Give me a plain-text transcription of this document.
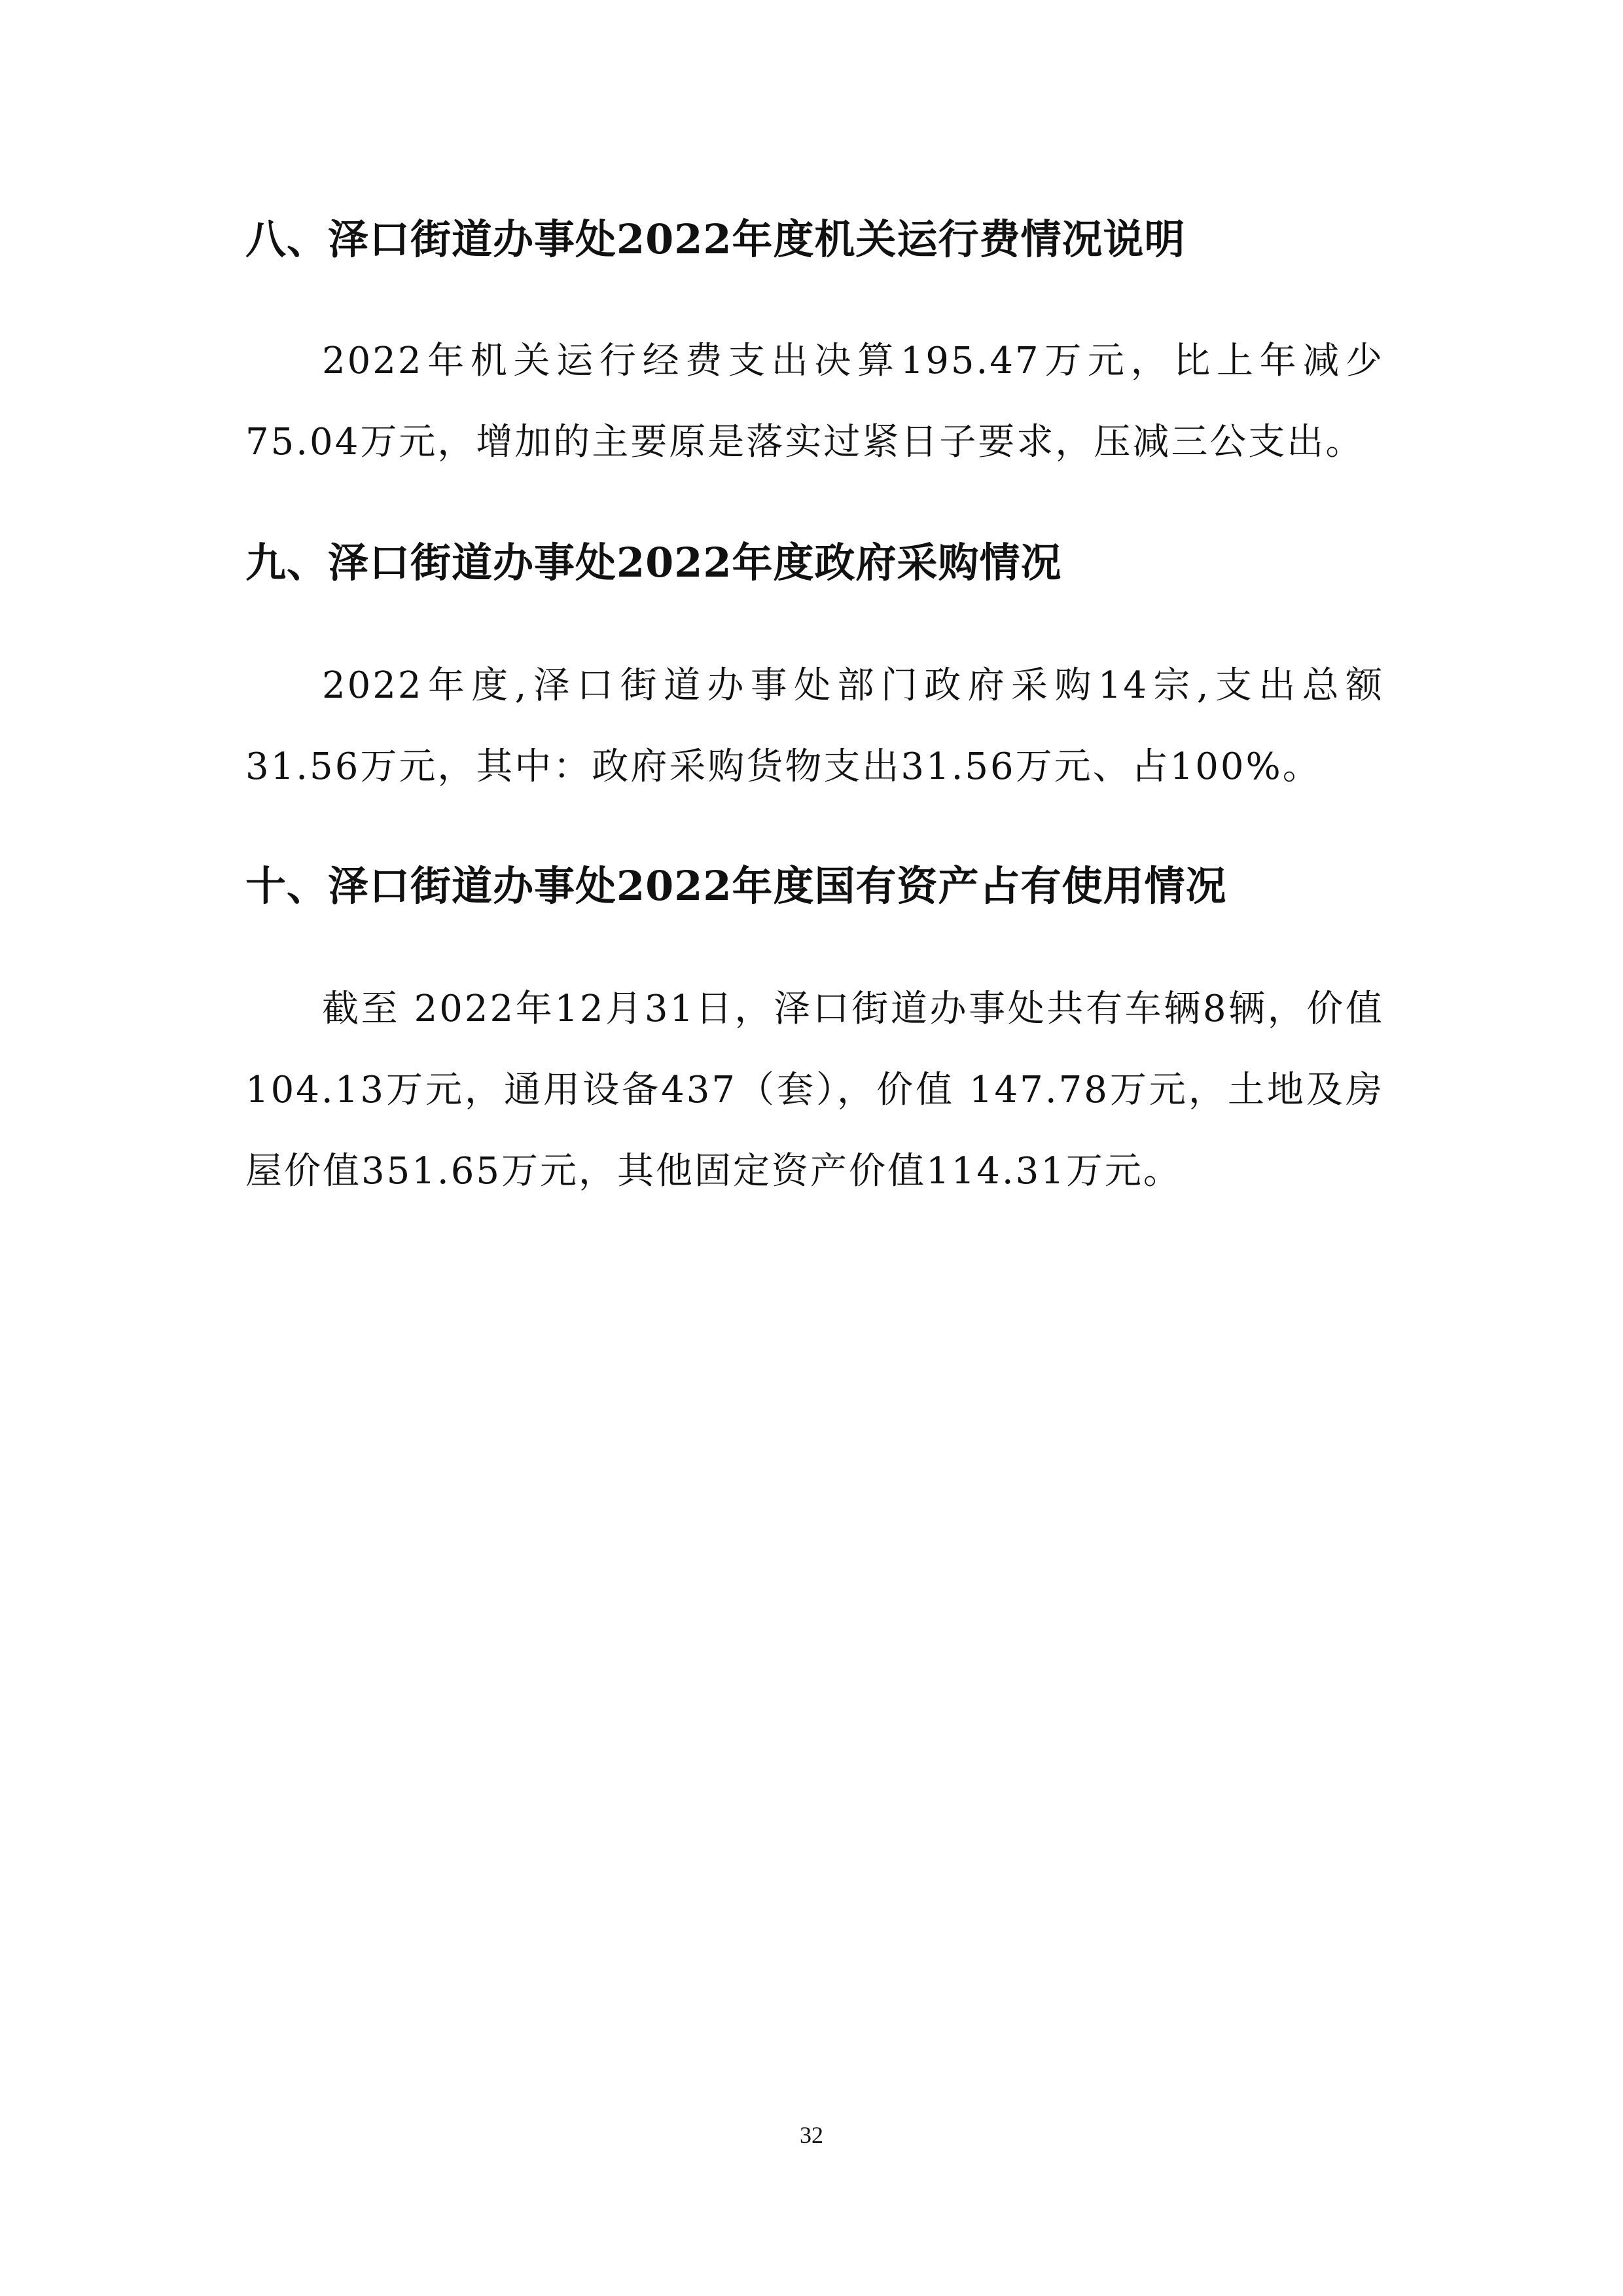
八、泽口街道办事处2022年度机关运行费情况说明

2022年机关运行经费支出决算195.47万元，比上年减少75.04万元，增加的主要原是落实过紧日子要求，压减三公支出。

九、泽口街道办事处2022年度政府采购情况

2022年度,泽口街道办事处部门政府采购14宗,支出总额31.56万元，其中：政府采购货物支出31.56万元、占100%。

十、泽口街道办事处2022年度国有资产占有使用情况

截至 2022年12月31日，泽口街道办事处共有车辆8辆，价值104.13万元，通用设备437（套），价值 147.78万元，土地及房屋价值351.65万元，其他固定资产价值114.31万元。

32
